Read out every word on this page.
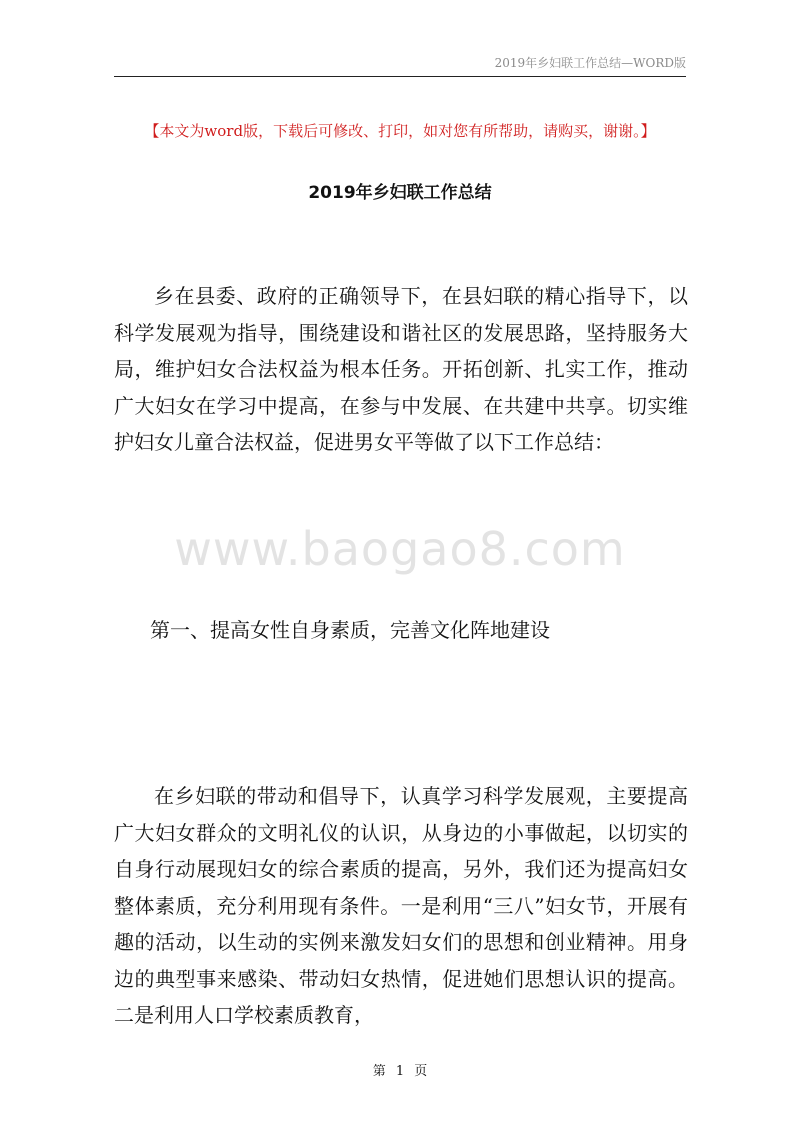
2019年乡妇联工作总结—WORD版
【本文为word版，下载后可修改、打印，如对您有所帮助，请购买，谢谢。】
2019年乡妇联工作总结

乡在县委、政府的正确领导下，在县妇联的精心指导下，以科学发展观为指导，围绕建设和谐社区的发展思路，坚持服务大局，维护妇女合法权益为根本任务。开拓创新、扎实工作，推动广大妇女在学习中提高，在参与中发展、在共建中共享。切实维护妇女儿童合法权益，促进男女平等做了以下工作总结：

www.baogao8.com
第一、提高女性自身素质，完善文化阵地建设

在乡妇联的带动和倡导下，认真学习科学发展观，主要提高广大妇女群众的文明礼仪的认识，从身边的小事做起，以切实的自身行动展现妇女的综合素质的提高，另外，我们还为提高妇女整体素质，充分利用现有条件。一是利用“三八”妇女节，开展有趣的活动，以生动的实例来激发妇女们的思想和创业精神。用身边的典型事来感染、带动妇女热情，促进她们思想认识的提高。二是利用人口学校素质教育，

第 1 页
